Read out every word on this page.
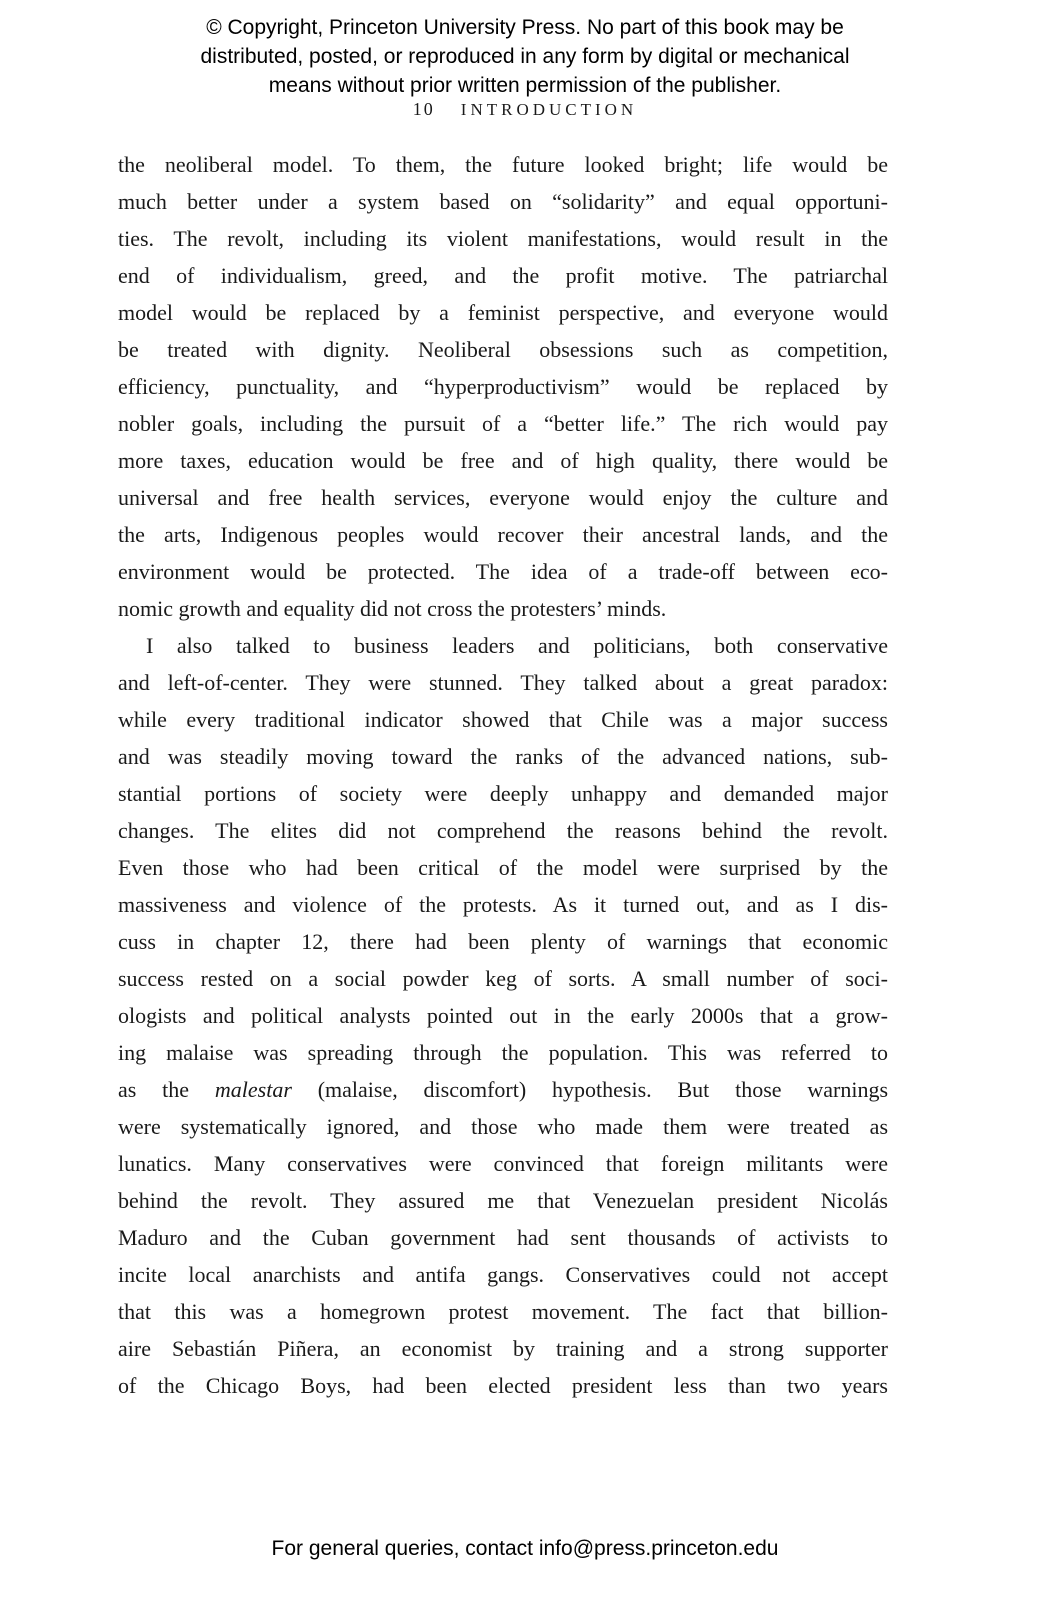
© Copyright, Princeton University Press. No part of this book may be
distributed, posted, or reproduced in any form by digital or mechanical
means without prior written permission of the publisher.
10 INTRODUCTION
the neoliberal model. To them, the future looked bright; life would be
much better under a system based on “solidarity” and equal opportuni-
ties. The revolt, including its violent manifestations, would result in the
end of individualism, greed, and the profit motive. The patriarchal
model would be replaced by a feminist perspective, and everyone would
be treated with dignity. Neoliberal obsessions such as competition,
efficiency, punctuality, and “hyperproductivism” would be replaced by
nobler goals, including the pursuit of a “better life.” The rich would pay
more taxes, education would be free and of high quality, there would be
universal and free health services, everyone would enjoy the culture and
the arts, Indigenous peoples would recover their ancestral lands, and the
environment would be protected. The idea of a trade-off between eco-
nomic growth and equality did not cross the protesters’ minds.
I also talked to business leaders and politicians, both conservative
and left-of-center. They were stunned. They talked about a great paradox:
while every traditional indicator showed that Chile was a major success
and was steadily moving toward the ranks of the advanced nations, sub-
stantial portions of society were deeply unhappy and demanded major
changes. The elites did not comprehend the reasons behind the revolt.
Even those who had been critical of the model were surprised by the
massiveness and violence of the protests. As it turned out, and as I dis-
cuss in chapter 12, there had been plenty of warnings that economic
success rested on a social powder keg of sorts. A small number of soci-
ologists and political analysts pointed out in the early 2000s that a grow-
ing malaise was spreading through the population. This was referred to
as the malestar (malaise, discomfort) hypothesis. But those warnings
were systematically ignored, and those who made them were treated as
lunatics. Many conservatives were convinced that foreign militants were
behind the revolt. They assured me that Venezuelan president Nicolás
Maduro and the Cuban government had sent thousands of activists to
incite local anarchists and antifa gangs. Conservatives could not accept
that this was a homegrown protest movement. The fact that billion-
aire Sebastián Piñera, an economist by training and a strong supporter
of the Chicago Boys, had been elected president less than two years
For general queries, contact info@press.princeton.edu
